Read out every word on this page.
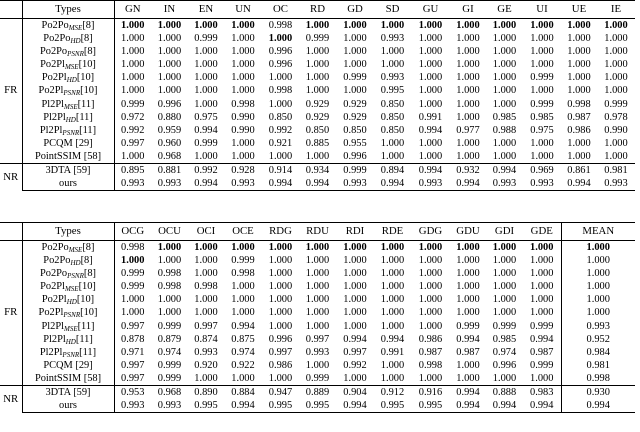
	Types	GN	IN	EN	UN	OC	RD	GD	SD	GU	GI	GE	UI	UE	IE
FR	$Po2Po_{MSE}[8]$	1.000	1.000	1.000	1.000	0.998	1.000	1.000	1.000	1.000	1.000	1.000	1.000	1.000	1.000
	$Po2Po_{HD}[8]$	1.000	1.000	0.999	1.000	1.000	0.999	1.000	0.993	1.000	1.000	1.000	1.000	1.000	1.000
	$Po2Po_{PSNR}[8]$	1.000	1.000	1.000	1.000	0.996	1.000	1.000	1.000	1.000	1.000	1.000	1.000	1.000	1.000
	$Po2Pl_{MSE}[10]$	1.000	1.000	1.000	1.000	0.996	1.000	1.000	1.000	1.000	1.000	1.000	1.000	1.000	1.000
	$Po2Pl_{HD}[10]$	1.000	1.000	1.000	1.000	1.000	1.000	0.999	0.993	1.000	1.000	1.000	0.999	1.000	1.000
	$Po2Pl_{PSNR}[10]$	1.000	1.000	1.000	1.000	0.998	1.000	1.000	0.995	1.000	1.000	1.000	1.000	1.000	1.000
	$Pl2Pl_{MSE}[11]$	0.999	0.996	1.000	0.998	1.000	0.929	0.929	0.850	1.000	1.000	1.000	0.999	0.998	0.999
	$Pl2Pl_{HD}[11]$	0.972	0.880	0.975	0.990	0.850	0.929	0.929	0.850	0.991	1.000	0.985	0.985	0.987	0.978
	$Pl2Pl_{PSNR}[11]$	0.992	0.959	0.994	0.990	0.992	0.850	0.850	0.850	0.994	0.977	0.988	0.975	0.986	0.990
	PCQM [29]	0.997	0.960	0.999	1.000	0.921	0.885	0.955	1.000	1.000	1.000	1.000	1.000	1.000	1.000
	PointSSIM [58]	1.000	0.968	1.000	1.000	1.000	1.000	0.996	1.000	1.000	1.000	1.000	1.000	1.000	1.000
NR	3DTA [59]	0.895	0.881	0.992	0.928	0.914	0.934	0.999	0.894	0.994	0.932	0.994	0.969	0.861	0.981
	ours	0.993	0.993	0.994	0.993	0.994	0.994	0.993	0.994	0.993	0.994	0.993	0.993	0.994	0.993
	Types	OCG	OCU	OCI	OCE	RDG	RDU	RDI	RDE	GDG	GDU	GDI	GDE	MEAN
FR	$Po2Po_{MSE}[8]$	0.998	1.000	1.000	1.000	1.000	1.000	1.000	1.000	1.000	1.000	1.000	1.000	1.000
	$Po2Po_{HD}[8]$	1.000	1.000	1.000	0.999	1.000	1.000	1.000	1.000	1.000	1.000	1.000	1.000	1.000
	$Po2Po_{PSNR}[8]$	0.999	0.998	1.000	0.998	1.000	1.000	1.000	1.000	1.000	1.000	1.000	1.000	1.000
	$Po2Pl_{MSE}[10]$	0.999	0.998	0.998	1.000	1.000	1.000	1.000	1.000	1.000	1.000	1.000	1.000	1.000
	$Po2Pl_{HD}[10]$	1.000	1.000	1.000	1.000	1.000	1.000	1.000	1.000	1.000	1.000	1.000	1.000	1.000
	$Po2Pl_{PSNR}[10]$	1.000	1.000	1.000	1.000	1.000	1.000	1.000	1.000	1.000	1.000	1.000	1.000	1.000
	$Pl2Pl_{MSE}[11]$	0.997	0.999	0.997	0.994	1.000	1.000	1.000	1.000	1.000	0.999	0.999	0.999	0.993
	$Pl2Pl_{HD}[11]$	0.878	0.879	0.874	0.875	0.996	0.997	0.994	0.994	0.986	0.994	0.985	0.994	0.952
	$Pl2Pl_{PSNR}[11]$	0.971	0.974	0.993	0.974	0.997	0.993	0.997	0.991	0.987	0.987	0.974	0.987	0.984
	PCQM [29]	0.997	0.999	0.920	0.922	0.986	1.000	0.992	1.000	0.998	1.000	0.996	0.999	0.981
	PointSSIM [58]	0.997	0.999	1.000	1.000	1.000	0.999	1.000	1.000	1.000	1.000	1.000	1.000	0.998
NR	3DTA [59]	0.953	0.968	0.890	0.884	0.947	0.889	0.904	0.912	0.916	0.994	0.888	0.983	0.930
	ours	0.993	0.993	0.995	0.994	0.995	0.995	0.994	0.995	0.995	0.994	0.994	0.994	0.994
